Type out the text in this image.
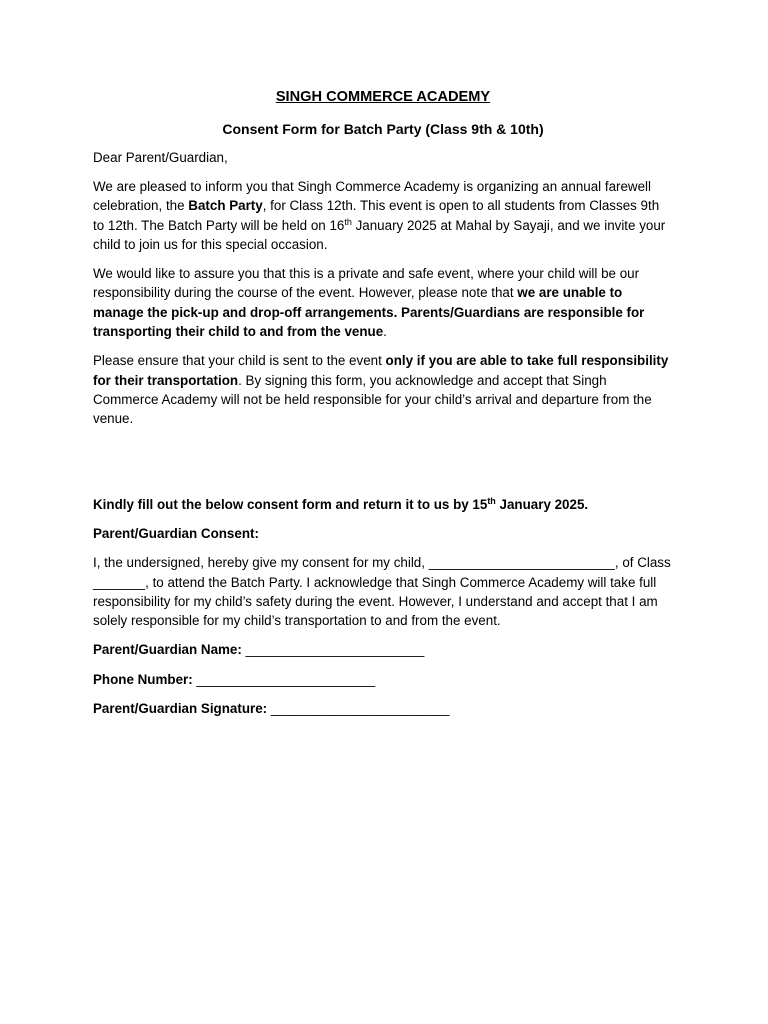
SINGH COMMERCE ACADEMY
Consent Form for Batch Party (Class 9th & 10th)

Dear Parent/Guardian,

We are pleased to inform you that Singh Commerce Academy is organizing an annual farewell celebration, the Batch Party, for Class 12th. This event is open to all students from Classes 9th to 12th. The Batch Party will be held on 16th January 2025 at Mahal by Sayaji, and we invite your child to join us for this special occasion.

We would like to assure you that this is a private and safe event, where your child will be our responsibility during the course of the event. However, please note that we are unable to manage the pick-up and drop-off arrangements. Parents/Guardians are responsible for transporting their child to and from the venue.

Please ensure that your child is sent to the event only if you are able to take full responsibility for their transportation. By signing this form, you acknowledge and accept that Singh Commerce Academy will not be held responsible for your child’s arrival and departure from the venue.

Kindly fill out the below consent form and return it to us by 15th January 2025.

Parent/Guardian Consent:

I, the undersigned, hereby give my consent for my child, _________________________, of Class _______, to attend the Batch Party. I acknowledge that Singh Commerce Academy will take full responsibility for my child’s safety during the event. However, I understand and accept that I am solely responsible for my child’s transportation to and from the event.

Parent/Guardian Name: ________________________
Phone Number: ________________________
Parent/Guardian Signature: ________________________
